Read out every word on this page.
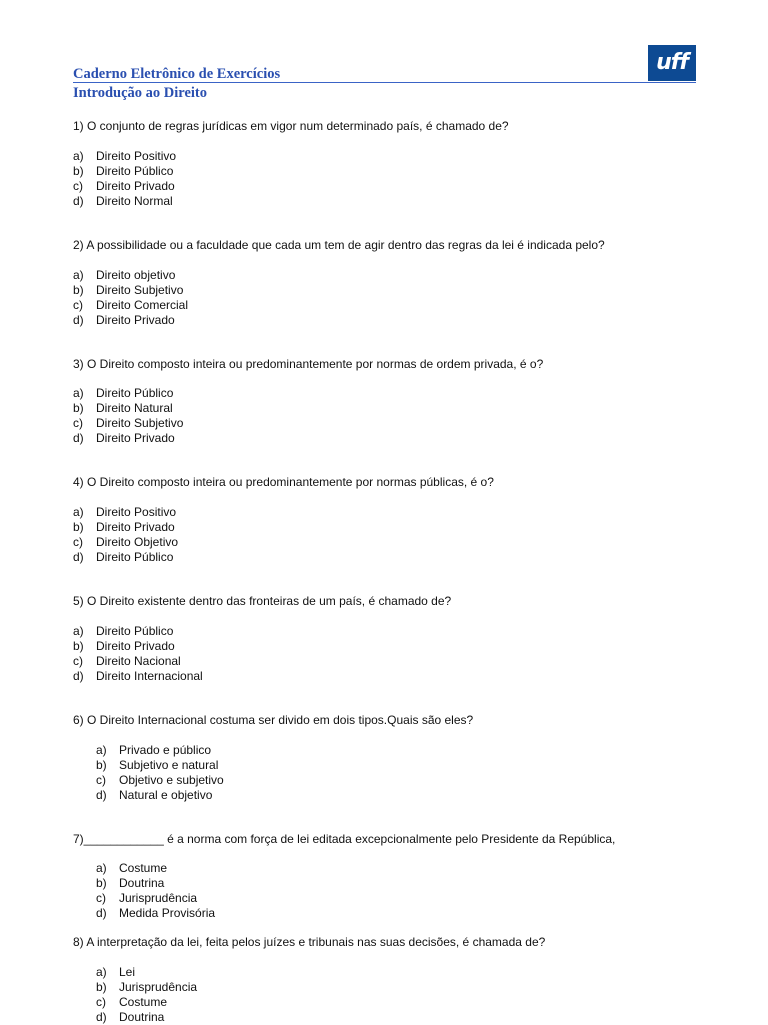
Caderno Eletrônico de Exercícios
Introdução ao Direito
uff
1) O conjunto de regras jurídicas em vigor num determinado país, é chamado de?
a) Direito Positivo
b) Direito Público
c) Direito Privado
d) Direito Normal
2) A possibilidade ou a faculdade que cada um tem de agir dentro das regras da lei é indicada pelo?
a) Direito objetivo
b) Direito Subjetivo
c) Direito Comercial
d) Direito Privado
3) O Direito composto inteira ou predominantemente por normas de ordem privada, é o?
a) Direito Público
b) Direito Natural
c) Direito Subjetivo
d) Direito Privado
4) O Direito composto inteira ou predominantemente por normas públicas, é o?
a) Direito Positivo
b) Direito Privado
c) Direito Objetivo
d) Direito Público
5) O Direito existente dentro das fronteiras de um país, é chamado de?
a) Direito Público
b) Direito Privado
c) Direito Nacional
d) Direito Internacional
6) O Direito Internacional costuma ser divido em dois tipos.Quais são eles?
a) Privado e público
b) Subjetivo e natural
c) Objetivo e subjetivo
d) Natural e objetivo
7)____________ é a norma com força de lei editada excepcionalmente pelo Presidente da República,
a) Costume
b) Doutrina
c) Jurisprudência
d) Medida Provisória
8) A interpretação da lei, feita pelos juízes e tribunais nas suas decisões, é chamada de?
a) Lei
b) Jurisprudência
c) Costume
d) Doutrina
